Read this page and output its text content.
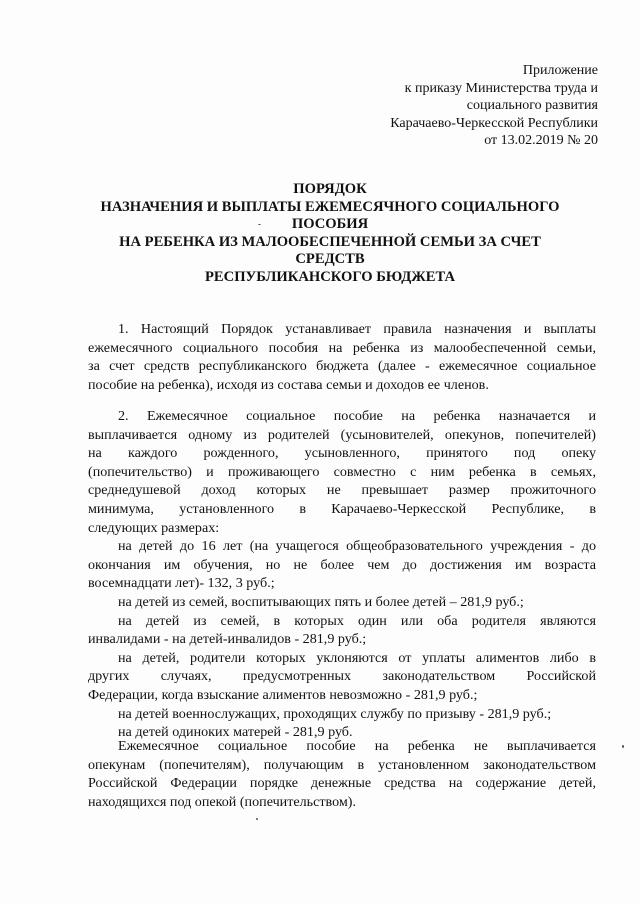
Приложение
к приказу Министерства труда и
социального развития
Карачаево-Черкесской Республики
от 13.02.2019 № 20
ПОРЯДОК
НАЗНАЧЕНИЯ И ВЫПЛАТЫ ЕЖЕМЕСЯЧНОГО СОЦИАЛЬНОГО
ПОСОБИЯ
НА РЕБЕНКА ИЗ МАЛООБЕСПЕЧЕННОЙ СЕМЬИ ЗА СЧЕТ
СРЕДСТВ
РЕСПУБЛИКАНСКОГО БЮДЖЕТА
1. Настоящий Порядок устанавливает правила назначения и выплаты
ежемесячного социального пособия на ребенка из малообеспеченной семьи,
за счет средств республиканского бюджета (далее - ежемесячное социальное
пособие на ребенка), исходя из состава семьи и доходов ее членов.
2. Ежемесячное социальное пособие на ребенка назначается и
выплачивается одному из родителей (усыновителей, опекунов, попечителей)
на каждого рожденного, усыновленного, принятого под опеку
(попечительство) и проживающего совместно с ним ребенка в семьях,
среднедушевой доход которых не превышает размер прожиточного
минимума, установленного в Карачаево-Черкесской Республике, в
следующих размерах:
на детей до 16 лет (на учащегося общеобразовательного учреждения - до
окончания им обучения, но не более чем до достижения им возраста
восемнадцати лет)- 132, 3 руб.;
на детей из семей, воспитывающих пять и более детей – 281,9 руб.;
на детей из семей, в которых один или оба родителя являются
инвалидами - на детей-инвалидов - 281,9 руб.;
на детей, родители которых уклоняются от уплаты алиментов либо в
других случаях, предусмотренных законодательством Российской
Федерации, когда взыскание алиментов невозможно - 281,9 руб.;
на детей военнослужащих, проходящих службу по призыву - 281,9 руб.;
на детей одиноких матерей - 281,9 руб.
Ежемесячное социальное пособие на ребенка не выплачивается
опекунам (попечителям), получающим в установленном законодательством
Российской Федерации порядке денежные средства на содержание детей,
находящихся под опекой (попечительством).
